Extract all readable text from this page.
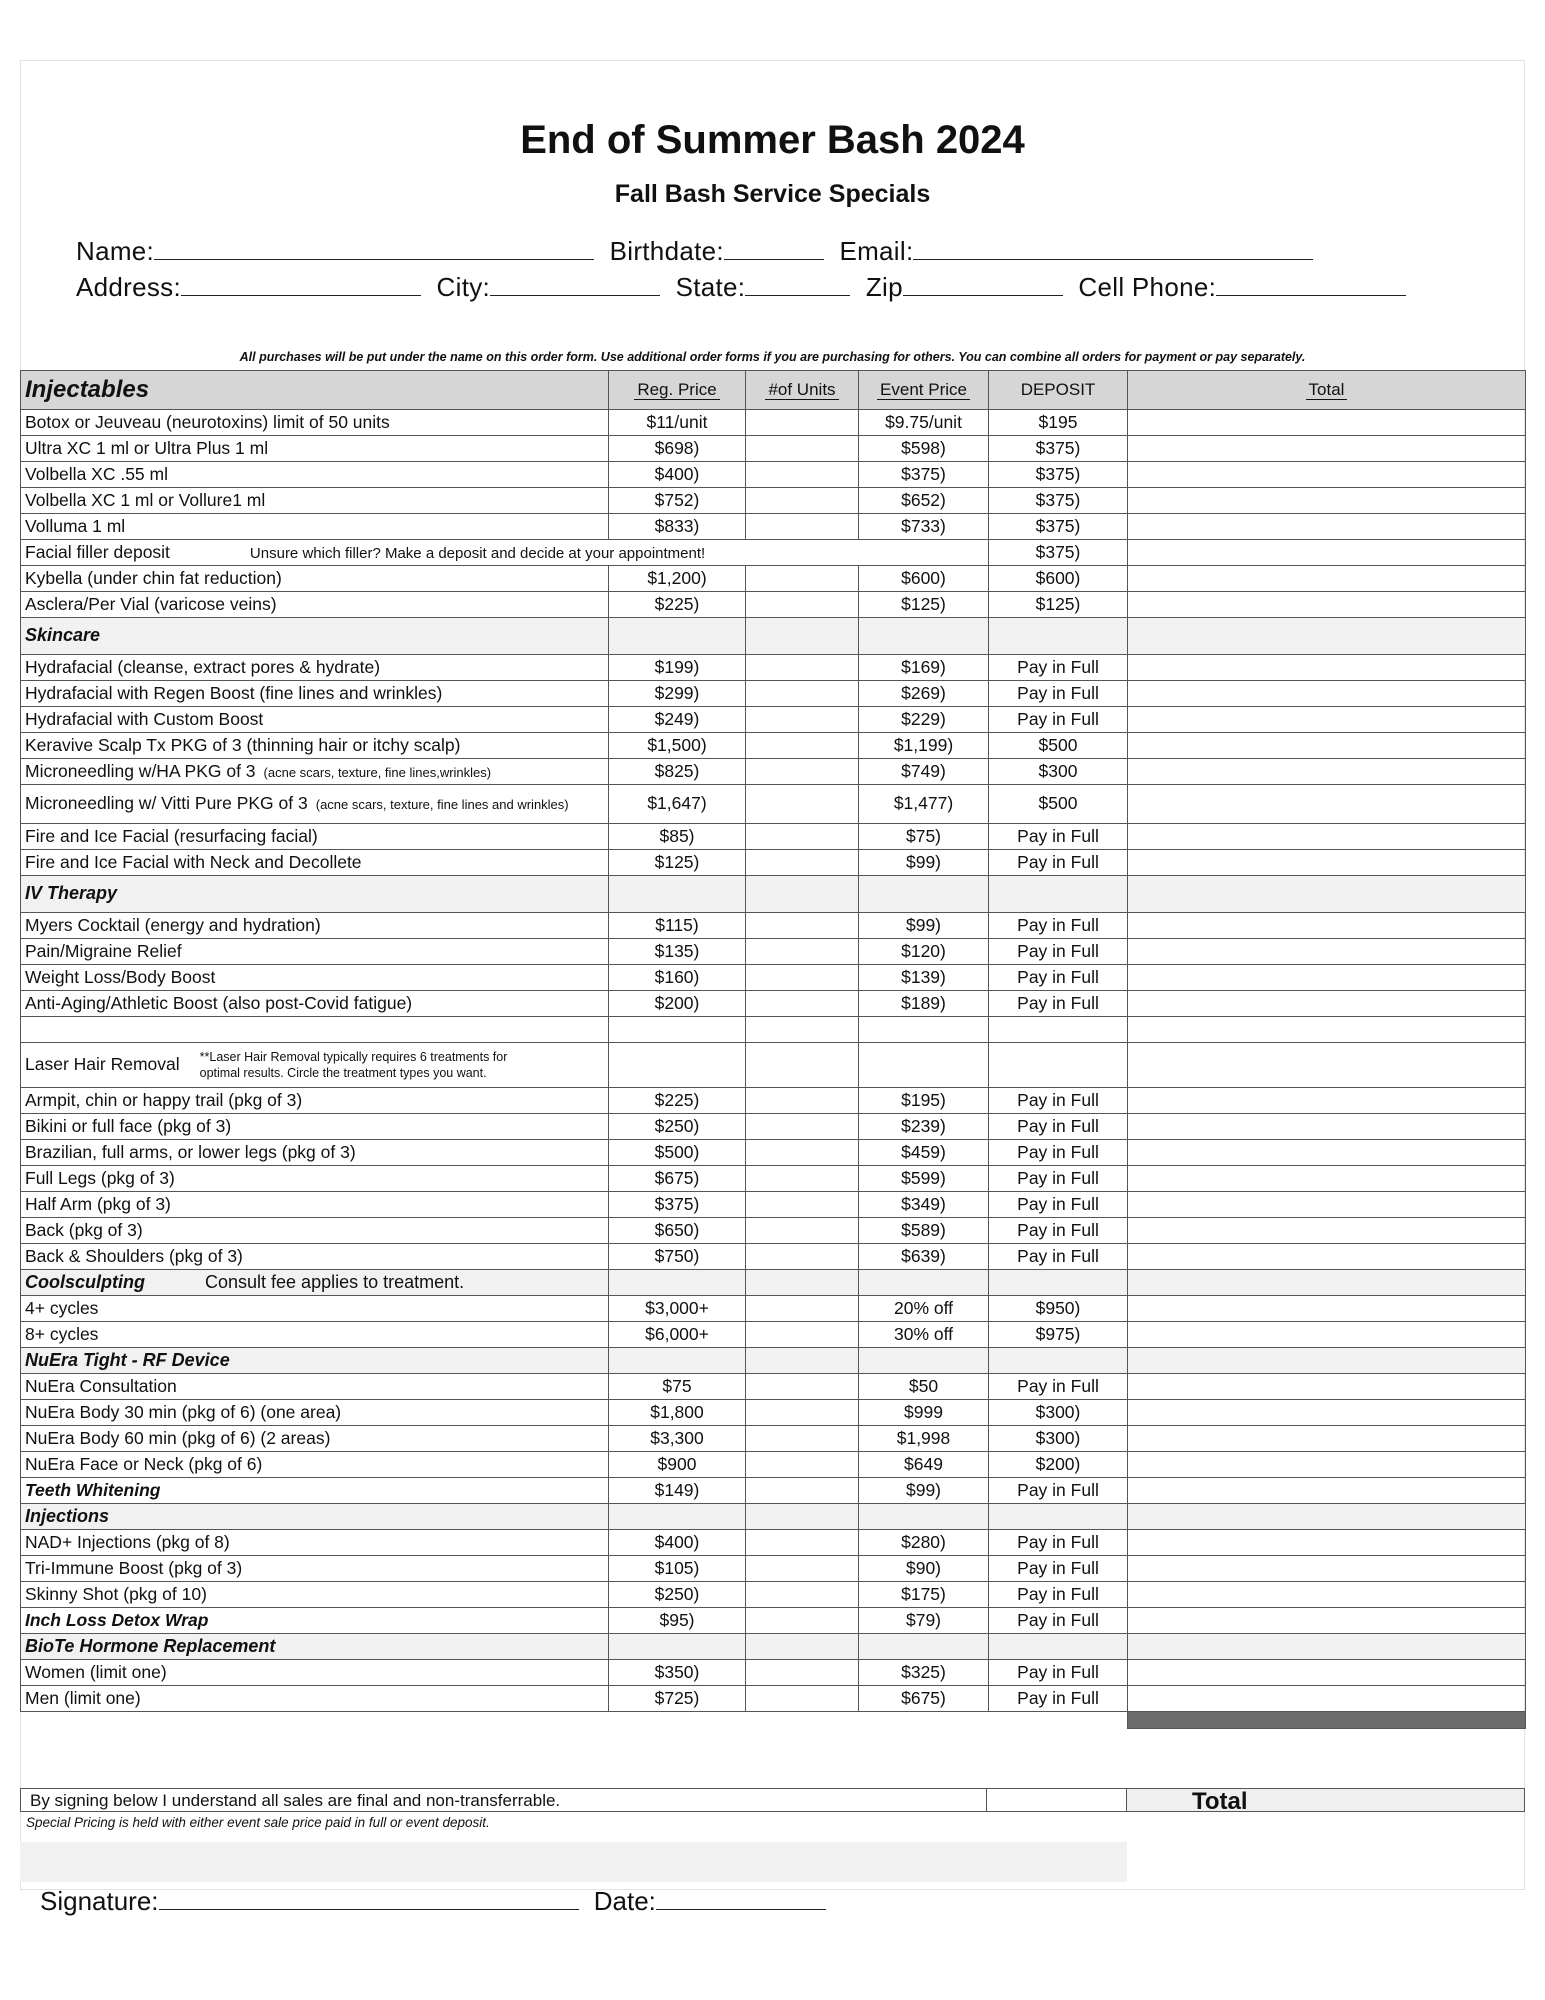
End of Summer Bash 2024
Fall Bash Service Specials
Name:	Birthdate:	Email:
Address:	City:	State:	Zip	Cell Phone:
All purchases will be put under the name on this order form. Use additional order forms if you are purchasing for others. You can combine all orders for payment or pay separately.
Injectables	Reg. Price	#of Units	Event Price	DEPOSIT	Total
Botox or Jeuveau (neurotoxins) limit of 50 units	$11/unit		$9.75/unit	$195	
Ultra XC 1 ml or Ultra Plus 1 ml	$698)		$598)	$375)	
Volbella XC .55 ml	$400)		$375)	$375)	
Volbella XC 1 ml or Vollure1 ml	$752)		$652)	$375)	
Volluma 1 ml	$833)		$733)	$375)	
Facial filler deposit Unsure which filler? Make a deposit and decide at your appointment!				$375)	
Kybella (under chin fat reduction)	$1,200)		$600)	$600)	
Asclera/Per Vial (varicose veins)	$225)		$125)	$125)	
Skincare					
Hydrafacial (cleanse, extract pores & hydrate)	$199)		$169)	Pay in Full	
Hydrafacial with Regen Boost (fine lines and wrinkles)	$299)		$269)	Pay in Full	
Hydrafacial with Custom Boost	$249)		$229)	Pay in Full	
Keravive Scalp Tx PKG of 3 (thinning hair or itchy scalp)	$1,500)		$1,199)	$500	
Microneedling w/HA PKG of 3 (acne scars, texture, fine lines,wrinkles)	$825)		$749)	$300	
Microneedling w/ Vitti Pure PKG of 3 (acne scars, texture, fine lines and wrinkles)	$1,647)		$1,477)	$500	
Fire and Ice Facial (resurfacing facial)	$85)		$75)	Pay in Full	
Fire and Ice Facial with Neck and Decollete	$125)		$99)	Pay in Full	
IV Therapy					
Myers Cocktail (energy and hydration)	$115)		$99)	Pay in Full	
Pain/Migraine Relief	$135)		$120)	Pay in Full	
Weight Loss/Body Boost	$160)		$139)	Pay in Full	
Anti-Aging/Athletic Boost (also post-Covid fatigue)	$200)		$189)	Pay in Full	

Laser Hair Removal **Laser Hair Removal typically requires 6 treatments for optimal results. Circle the treatment types you want.					
Armpit, chin or happy trail (pkg of 3)	$225)		$195)	Pay in Full	
Bikini or full face (pkg of 3)	$250)		$239)	Pay in Full	
Brazilian, full arms, or lower legs (pkg of 3)	$500)		$459)	Pay in Full	
Full Legs (pkg of 3)	$675)		$599)	Pay in Full	
Half Arm (pkg of 3)	$375)		$349)	Pay in Full	
Back (pkg of 3)	$650)		$589)	Pay in Full	
Back & Shoulders (pkg of 3)	$750)		$639)	Pay in Full	
Coolsculpting Consult fee applies to treatment.					
4+ cycles	$3,000+		20% off	$950)	
8+ cycles	$6,000+		30% off	$975)	
NuEra Tight - RF Device					
NuEra Consultation	$75		$50	Pay in Full	
NuEra Body 30 min (pkg of 6) (one area)	$1,800		$999	$300)	
NuEra Body 60 min (pkg of 6) (2 areas)	$3,300		$1,998	$300)	
NuEra Face or Neck (pkg of 6)	$900		$649	$200)	
Teeth Whitening	$149)		$99)	Pay in Full	
Injections					
NAD+ Injections (pkg of 8)	$400)		$280)	Pay in Full	
Tri-Immune Boost (pkg of 3)	$105)		$90)	Pay in Full	
Skinny Shot (pkg of 10)	$250)		$175)	Pay in Full	
Inch Loss Detox Wrap	$95)		$79)	Pay in Full	
BioTe Hormone Replacement					
Women (limit one)	$350)		$325)	Pay in Full	
Men (limit one)	$725)		$675)	Pay in Full	

By signing below I understand all sales are final and non-transferrable.	Total
Special Pricing is held with either event sale price paid in full or event deposit.
Signature:	Date:
